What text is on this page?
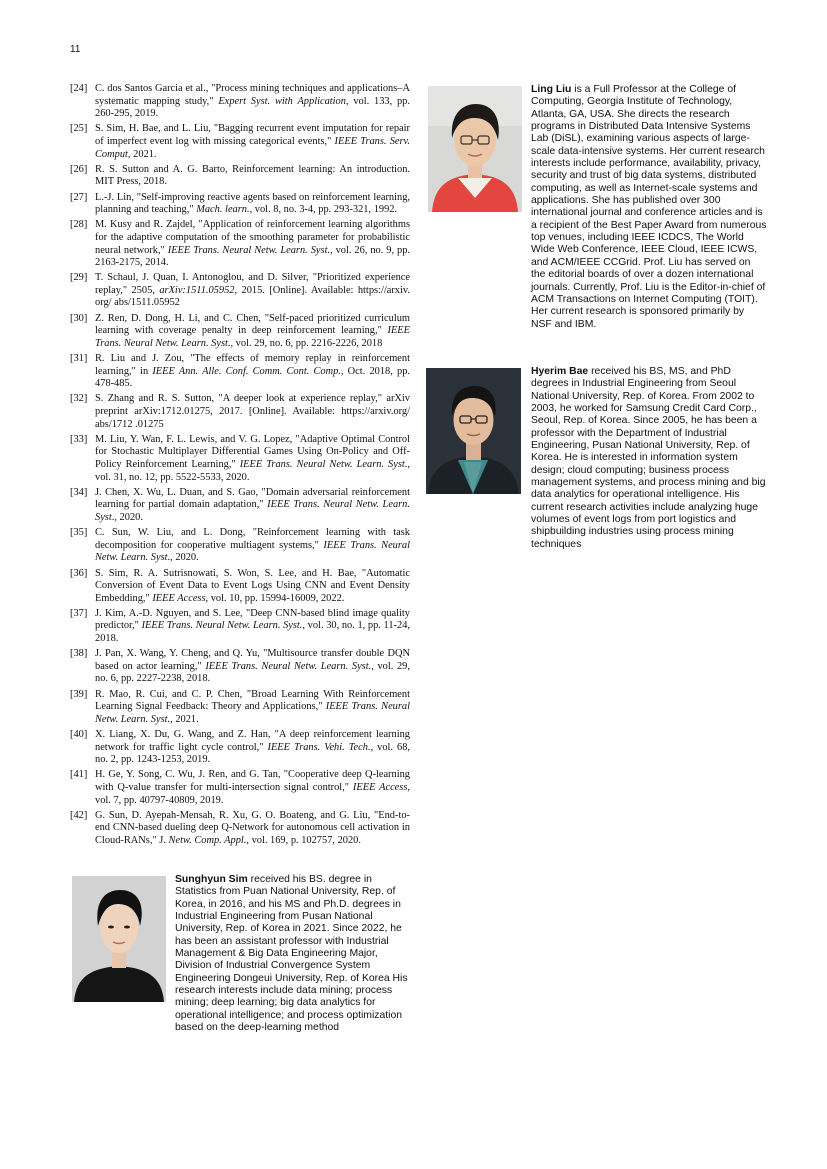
11
[24] C. dos Santos Garcia et al., "Process mining techniques and applications–A systematic mapping study," Expert Syst. with Application, vol. 133, pp. 260-295, 2019.
[25] S. Sim, H. Bae, and L. Liu, "Bagging recurrent event imputation for repair of imperfect event log with missing categorical events," IEEE Trans. Serv. Comput, 2021.
[26] R. S. Sutton and A. G. Barto, Reinforcement learning: An introduction. MIT Press, 2018.
[27] L.-J. Lin, "Self-improving reactive agents based on reinforcement learning, planning and teaching," Mach. learn., vol. 8, no. 3-4, pp. 293-321, 1992.
[28] M. Kusy and R. Zajdel, "Application of reinforcement learning algorithms for the adaptive computation of the smoothing parameter for probabilistic neural network," IEEE Trans. Neural Netw. Learn. Syst., vol. 26, no. 9, pp. 2163-2175, 2014.
[29] T. Schaul, J. Quan, I. Antonoglou, and D. Silver, "Prioritized experience replay," 2505, arXiv:1511.05952, 2015. [Online]. Available: https://arxiv. org/ abs/1511.05952
[30] Z. Ren, D. Dong, H. Li, and C. Chen, "Self-paced prioritized curriculum learning with coverage penalty in deep reinforcement learning," IEEE Trans. Neural Netw. Learn. Syst., vol. 29, no. 6, pp. 2216-2226, 2018
[31] R. Liu and J. Zou, "The effects of memory replay in reinforcement learning," in IEEE Ann. Alle. Conf. Comm. Cont. Comp., Oct. 2018, pp. 478-485.
[32] S. Zhang and R. S. Sutton, "A deeper look at experience replay," arXiv preprint arXiv:1712.01275, 2017. [Online]. Available: https://arxiv.org/ abs/1712 .01275
[33] M. Liu, Y. Wan, F. L. Lewis, and V. G. Lopez, "Adaptive Optimal Control for Stochastic Multiplayer Differential Games Using On-Policy and Off-Policy Reinforcement Learning," IEEE Trans. Neural Netw. Learn. Syst., vol. 31, no. 12, pp. 5522-5533, 2020.
[34] J. Chen, X. Wu, L. Duan, and S. Gao, "Domain adversarial reinforcement learning for partial domain adaptation," IEEE Trans. Neural Netw. Learn. Syst., 2020.
[35] C. Sun, W. Liu, and L. Dong, "Reinforcement learning with task decomposition for cooperative multiagent systems," IEEE Trans. Neural Netw. Learn. Syst., 2020.
[36] S. Sim, R. A. Sutrisnowati, S. Won, S. Lee, and H. Bae, "Automatic Conversion of Event Data to Event Logs Using CNN and Event Density Embedding," IEEE Access, vol. 10, pp. 15994-16009, 2022.
[37] J. Kim, A.-D. Nguyen, and S. Lee, "Deep CNN-based blind image quality predictor," IEEE Trans. Neural Netw. Learn. Syst., vol. 30, no. 1, pp. 11-24, 2018.
[38] J. Pan, X. Wang, Y. Cheng, and Q. Yu, "Multisource transfer double DQN based on actor learning," IEEE Trans. Neural Netw. Learn. Syst., vol. 29, no. 6, pp. 2227-2238, 2018.
[39] R. Mao, R. Cui, and C. P. Chen, "Broad Learning With Reinforcement Learning Signal Feedback: Theory and Applications," IEEE Trans. Neural Netw. Learn. Syst., 2021.
[40] X. Liang, X. Du, G. Wang, and Z. Han, "A deep reinforcement learning network for traffic light cycle control," IEEE Trans. Vehi. Tech., vol. 68, no. 2, pp. 1243-1253, 2019.
[41] H. Ge, Y. Song, C. Wu, J. Ren, and G. Tan, "Cooperative deep Q-learning with Q-value transfer for multi-intersection signal control," IEEE Access, vol. 7, pp. 40797-40809, 2019.
[42] G. Sun, D. Ayepah-Mensah, R. Xu, G. O. Boateng, and G. Liu, "End-to-end CNN-based dueling deep Q-Network for autonomous cell activation in Cloud-RANs," J. Netw. Comp. Appl., vol. 169, p. 102757, 2020.
Ling Liu is a Full Professor at the College of Computing, Georgia Institute of Technology, Atlanta, GA, USA. She directs the research programs in Distributed Data Intensive Systems Lab (DiSL), examining various aspects of large-scale data-intensive systems. Her current research interests include performance, availability, privacy, security and trust of big data systems, distributed computing, as well as Internet-scale systems and applications. She has published over 300 international journal and conference articles and is a recipient of the Best Paper Award from numerous top venues, including IEEE ICDCS, The World Wide Web Conference, IEEE Cloud, IEEE ICWS, and ACM/IEEE CCGrid. Prof. Liu has served on the editorial boards of over a dozen international journals. Currently, Prof. Liu is the Editor-in-chief of ACM Transactions on Internet Computing (TOIT). Her current research is sponsored primarily by NSF and IBM.
Hyerim Bae received his BS, MS, and PhD degrees in Industrial Engineering from Seoul National University, Rep. of Korea. From 2002 to 2003, he worked for Samsung Credit Card Corp., Seoul, Rep. of Korea. Since 2005, he has been a professor with the Department of Industrial Engineering, Pusan National University, Rep. of Korea. He is interested in information system design; cloud computing; business process management systems, and process mining and big data analytics for operational intelligence. His current research activities include analyzing huge volumes of event logs from port logistics and shipbuilding industries using process mining techniques
Sunghyun Sim received his BS. degree in Statistics from Puan National University, Rep. of Korea, in 2016, and his MS and Ph.D. degrees in Industrial Engineering from Pusan National University, Rep. of Korea in 2021. Since 2022, he has been an assistant professor with Industrial Management & Big Data Engineering Major, Division of Industrial Convergence System Engineering Dongeui University, Rep. of Korea His research interests include data mining; process mining; deep learning; big data analytics for operational intelligence; and process optimization based on the deep-learning method
